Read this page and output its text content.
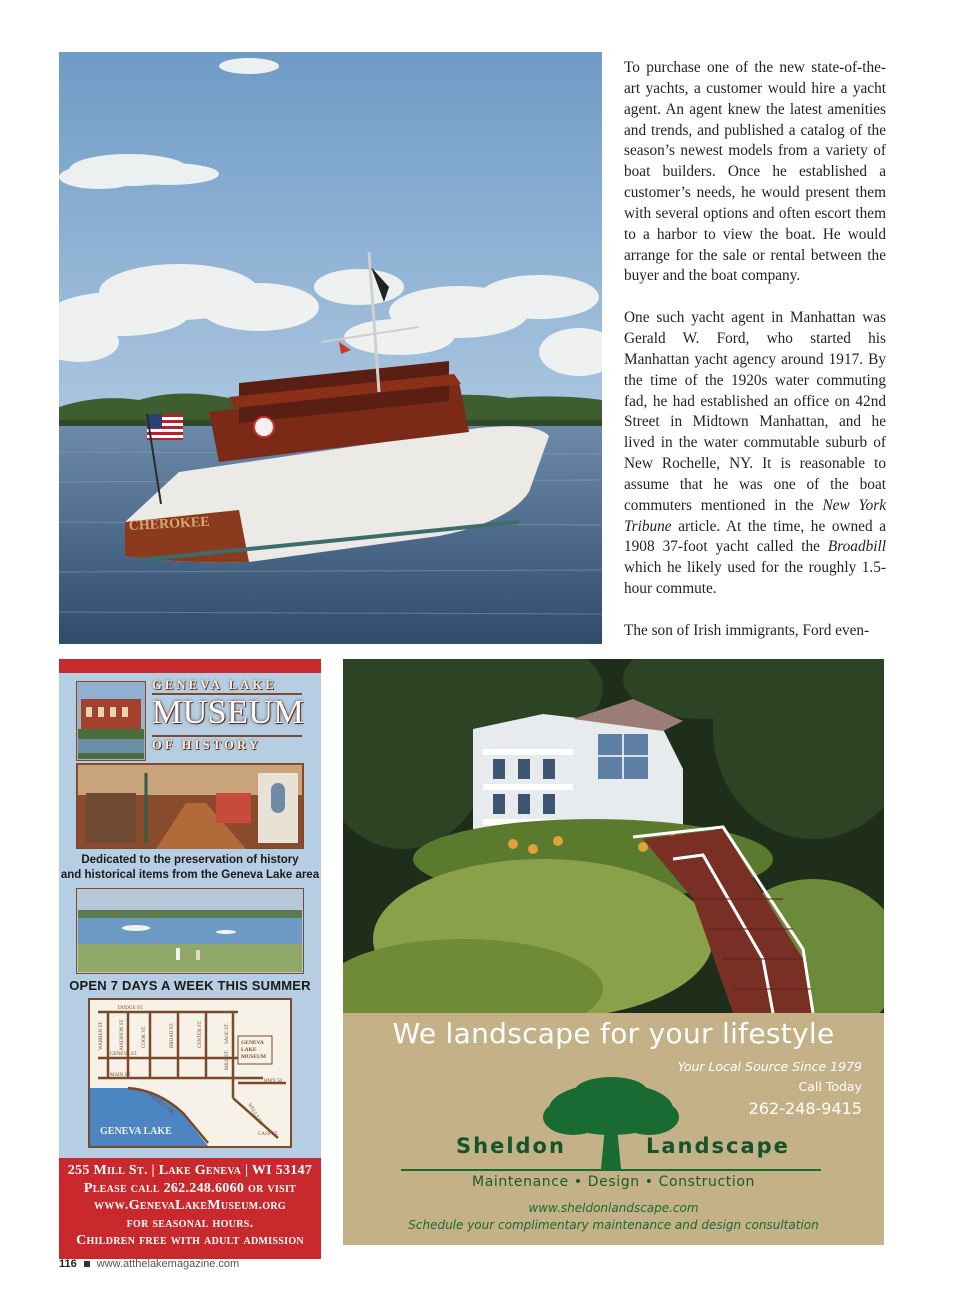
CHEROKEE

To purchase one of the new state-of-the-art yachts, a customer would hire a yacht agent. An agent knew the latest amenities and trends, and published a catalog of the season’s newest models from a variety of boat builders. Once he established a customer’s needs, he would present them with several options and often escort them to a harbor to view the boat. He would arrange for the sale or rental between the buyer and the boat company.

One such yacht agent in Manhattan was Gerald W. Ford, who started his Manhattan yacht agency around 1917. By the time of the 1920s water commuting fad, he had established an office on 42nd Street in Midtown Manhattan, and he lived in the water commutable suburb of New Rochelle, NY. It is reasonable to assume that he was one of the boat commuters mentioned in the New York Tribune article. At the time, he owned a 1908 37-foot yacht called the Broadbill which he likely used for the roughly 1.5-hour commute.

The son of Irish immigrants, Ford even-

GENEVA LAKE
MUSEUM
OF HISTORY
Dedicated to the preservation of history
and historical items from the Geneva Lake area
OPEN 7 DAYS A WEEK THIS SUMMER
DODGE ST.
WARREN ST.	MADISON ST.	COOK ST.	BROAD ST.	CENTER ST.	SAGE ST.
GENEVA ST.
MAIN ST.
MILL ST.
HWY 50
WRIGLEY DR.	WELLS ST.
CASS ST.
GENEVA
LAKE
MUSEUM
GENEVA LAKE
255 Mill St. | Lake Geneva | WI 53147
Please call 262.248.6060 or visit
www.GenevaLakeMuseum.org
for seasonal hours.
Children free with adult admission
We landscape for your lifestyle
Your Local Source Since 1979
Call Today
262-248-9415
Sheldon	Landscape
Maintenance • Design • Construction
www.sheldonlandscape.com
Schedule your complimentary maintenance and design consultation
116 www.atthelakemagazine.com
